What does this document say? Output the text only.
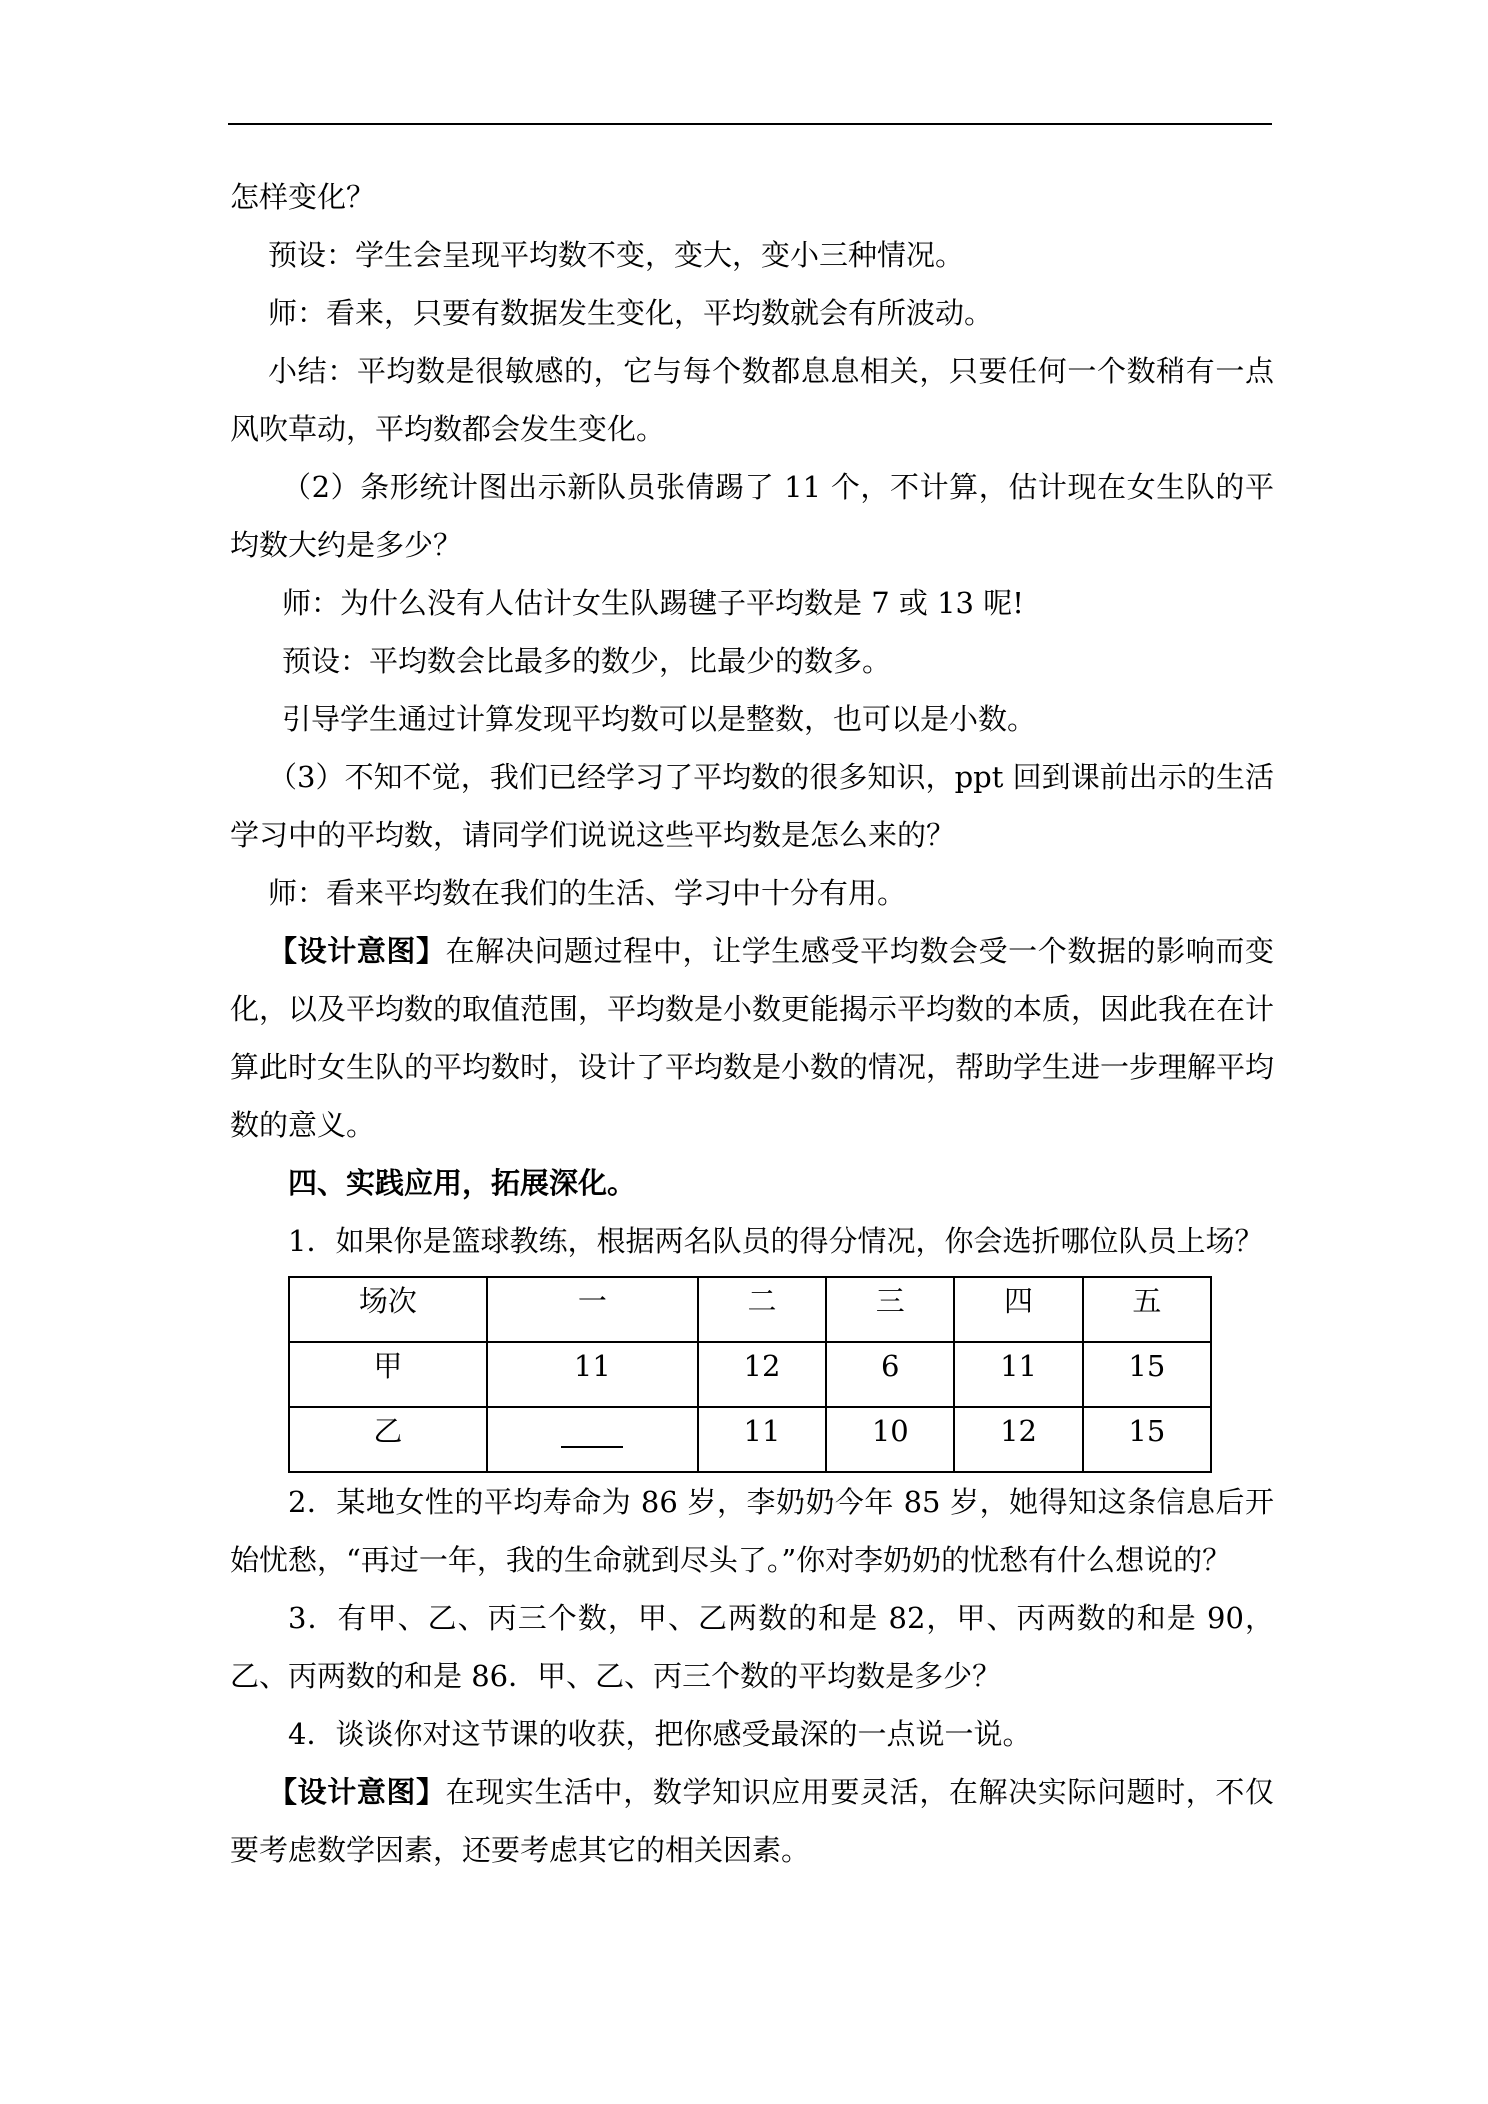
怎样变化？

预设：学生会呈现平均数不变，变大，变小三种情况。

师：看来，只要有数据发生变化，平均数就会有所波动。

小结：平均数是很敏感的，它与每个数都息息相关，只要任何一个数稍有一点风吹草动，平均数都会发生变化。

（2）条形统计图出示新队员张倩踢了 11 个，不计算，估计现在女生队的平均数大约是多少？

师：为什么没有人估计女生队踢毽子平均数是 7 或 13 呢!

预设：平均数会比最多的数少，比最少的数多。

引导学生通过计算发现平均数可以是整数，也可以是小数。

（3）不知不觉，我们已经学习了平均数的很多知识，ppt 回到课前出示的生活学习中的平均数，请同学们说说这些平均数是怎么来的？

师：看来平均数在我们的生活、学习中十分有用。

【设计意图】在解决问题过程中，让学生感受平均数会受一个数据的影响而变化，以及平均数的取值范围，平均数是小数更能揭示平均数的本质，因此我在在计算此时女生队的平均数时，设计了平均数是小数的情况，帮助学生进一步理解平均数的意义。

四、实践应用，拓展深化。

1．如果你是篮球教练，根据两名队员的得分情况，你会选折哪位队员上场？

场次	一	二	三	四	五
甲	11	12	6	11	15
乙		11	10	12	15

2．某地女性的平均寿命为 86 岁，李奶奶今年 85 岁，她得知这条信息后开始忧愁，“再过一年，我的生命就到尽头了。”你对李奶奶的忧愁有什么想说的？

3．有甲、乙、丙三个数，甲、乙两数的和是 82，甲、丙两数的和是 90，乙、丙两数的和是 86．甲、乙、丙三个数的平均数是多少？

4．谈谈你对这节课的收获，把你感受最深的一点说一说。

【设计意图】在现实生活中，数学知识应用要灵活，在解决实际问题时，不仅要考虑数学因素，还要考虑其它的相关因素。
